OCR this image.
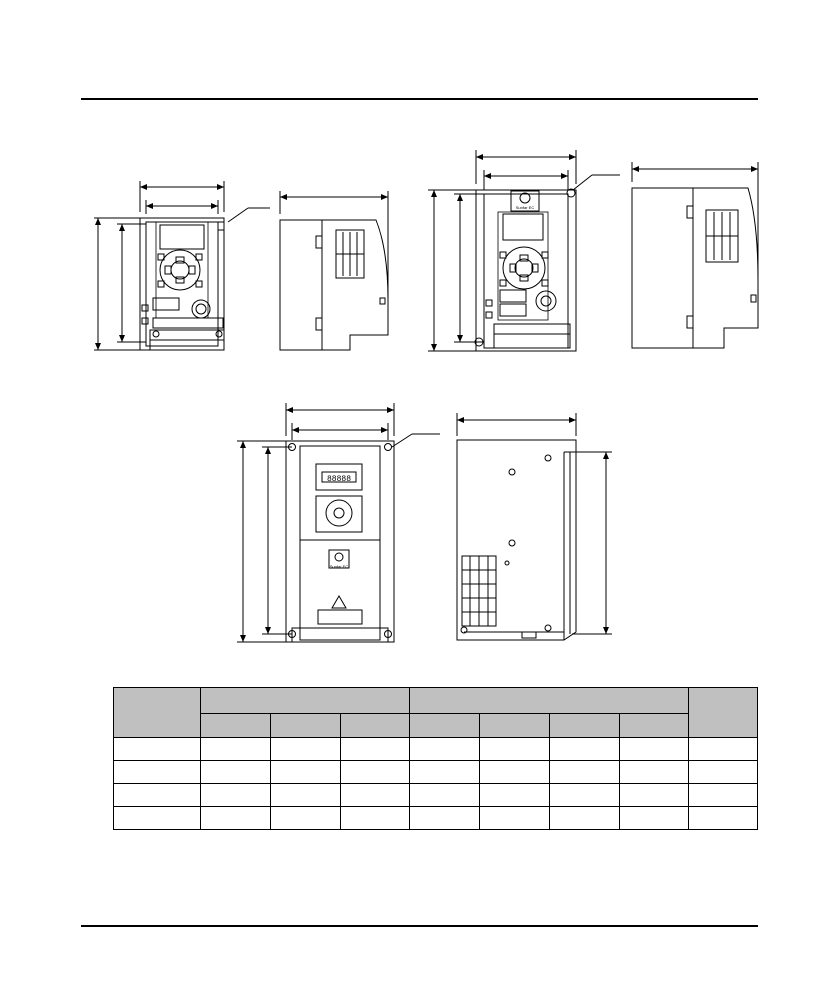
Sunfar EC
Sunfar EC
88888
